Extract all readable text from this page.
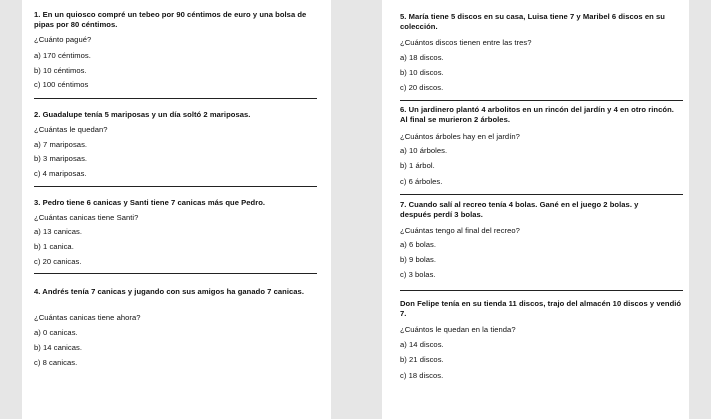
1. En un quiosco compré un tebeo por 90 céntimos de euro y una bolsa de pipas por 80 céntimos.
¿Cuánto pagué?
a) 170 céntimos.
b) 10 céntimos.
c) 100 céntimos
2. Guadalupe tenía 5 mariposas y un día soltó 2 mariposas.
¿Cuántas le quedan?
a) 7 mariposas.
b) 3 mariposas.
c) 4 mariposas.
3. Pedro tiene 6 canicas y Santi tiene 7 canicas más que Pedro.
¿Cuántas canicas tiene Santi?
a) 13 canicas.
b) 1 canica.
c) 20 canicas.
4. Andrés tenía 7 canicas y jugando con sus amigos ha ganado 7 canicas.
¿Cuántas canicas tiene ahora?
a) 0 canicas.
b) 14 canicas.
c) 8 canicas.
5. María tiene 5 discos en su casa, Luisa tiene 7 y Maribel 6 discos en su colección.
¿Cuántos discos tienen entre las tres?
a) 18 discos.
b) 10 discos.
c) 20 discos.
6. Un jardinero plantó 4 arbolitos en un rincón del jardín y 4 en otro rincón. Al final se murieron 2 árboles.
¿Cuántos árboles hay en el jardín?
a) 10 árboles.
b) 1 árbol.
c) 6 árboles.
7. Cuando salí al recreo tenía 4 bolas. Gané en el juego 2 bolas. y después perdí 3 bolas.
¿Cuántas tengo al final del recreo?
a) 6 bolas.
b) 9 bolas.
c) 3 bolas.
Don Felipe tenía en su tienda 11 discos, trajo del almacén 10 discos y vendió 7.
¿Cuántos le quedan en la tienda?
a) 14 discos.
b) 21 discos.
c) 18 discos.
